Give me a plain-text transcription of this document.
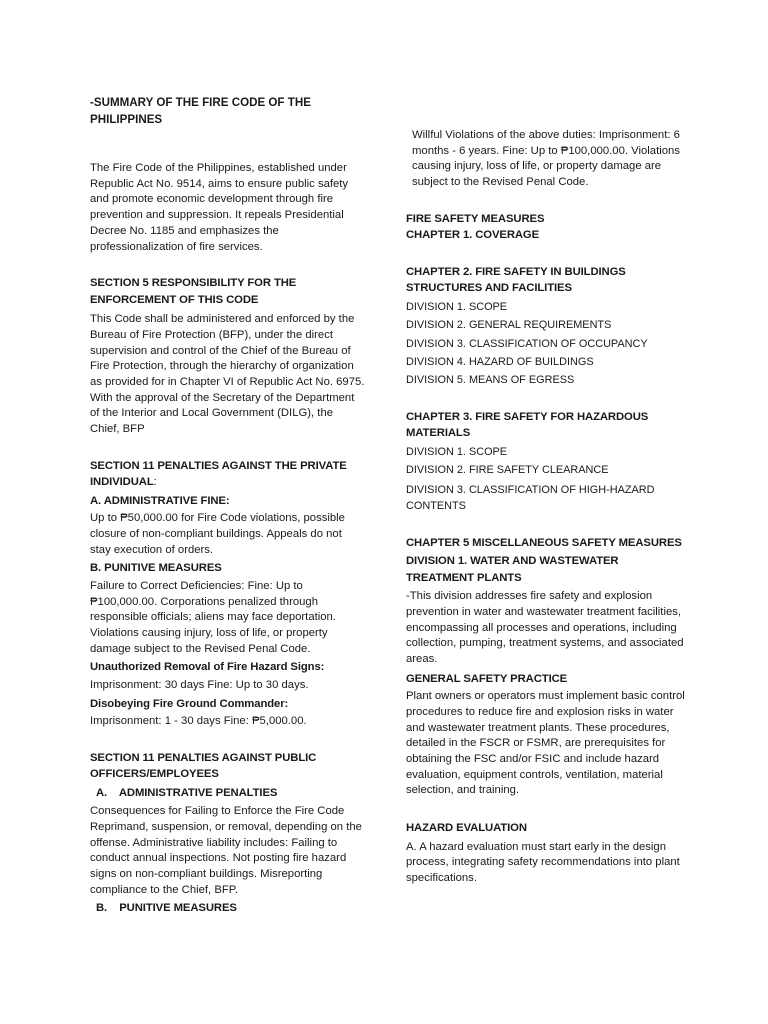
-SUMMARY OF THE FIRE CODE OF THE PHILIPPINES

The Fire Code of the Philippines, established under Republic Act No. 9514, aims to ensure public safety and promote economic development through fire prevention and suppression. It repeals Presidential Decree No. 1185 and emphasizes the professionalization of fire services.

SECTION 5 RESPONSIBILITY FOR THE ENFORCEMENT OF THIS CODE

This Code shall be administered and enforced by the Bureau of Fire Protection (BFP), under the direct supervision and control of the Chief of the Bureau of Fire Protection, through the hierarchy of organization as provided for in Chapter VI of Republic Act No. 6975. With the approval of the Secretary of the Department of the Interior and Local Government (DILG), the Chief, BFP

SECTION 11 PENALTIES AGAINST THE PRIVATE INDIVIDUAL:
A. ADMINISTRATIVE FINE:

Up to ₱50,000.00 for Fire Code violations, possible closure of non-compliant buildings. Appeals do not stay execution of orders.

B. PUNITIVE MEASURES

Failure to Correct Deficiencies: Fine: Up to ₱100,000.00. Corporations penalized through responsible officials; aliens may face deportation. Violations causing injury, loss of life, or property damage subject to the Revised Penal Code.

Unauthorized Removal of Fire Hazard Signs:

Imprisonment: 30 days Fine: Up to 30 days.

Disobeying Fire Ground Commander:

Imprisonment: 1 - 30 days Fine: ₱5,000.00.

SECTION 11 PENALTIES AGAINST PUBLIC OFFICERS/EMPLOYEES
A.    ADMINISTRATIVE PENALTIES

Consequences for Failing to Enforce the Fire Code Reprimand, suspension, or removal, depending on the offense. Administrative liability includes: Failing to conduct annual inspections. Not posting fire hazard signs on non-compliant buildings. Misreporting compliance to the Chief, BFP.

B.    PUNITIVE MEASURES

Willful Violations of the above duties: Imprisonment: 6 months - 6 years. Fine: Up to ₱100,000.00. Violations causing injury, loss of life, or property damage are subject to the Revised Penal Code.

FIRE SAFETY MEASURES
CHAPTER 1. COVERAGE
CHAPTER 2. FIRE SAFETY IN BUILDINGS STRUCTURES AND FACILITIES

DIVISION 1. SCOPE

DIVISION 2. GENERAL REQUIREMENTS

DIVISION 3. CLASSIFICATION OF OCCUPANCY

DIVISION 4. HAZARD OF BUILDINGS

DIVISION 5. MEANS OF EGRESS

CHAPTER 3. FIRE SAFETY FOR HAZARDOUS MATERIALS

DIVISION 1. SCOPE

DIVISION 2. FIRE SAFETY CLEARANCE

DIVISION 3. CLASSIFICATION OF HIGH-HAZARD CONTENTS

CHAPTER 5 MISCELLANEOUS SAFETY MEASURES
DIVISION 1. WATER AND WASTEWATER TREATMENT PLANTS

-This division addresses fire safety and explosion prevention in water and wastewater treatment facilities, encompassing all processes and operations, including collection, pumping, treatment systems, and associated areas.

GENERAL SAFETY PRACTICE

Plant owners or operators must implement basic control procedures to reduce fire and explosion risks in water and wastewater treatment plants. These procedures, detailed in the FSCR or FSMR, are prerequisites for obtaining the FSC and/or FSIC and include hazard evaluation, equipment controls, ventilation, material selection, and training.

HAZARD EVALUATION

A. A hazard evaluation must start early in the design process, integrating safety recommendations into plant specifications.
